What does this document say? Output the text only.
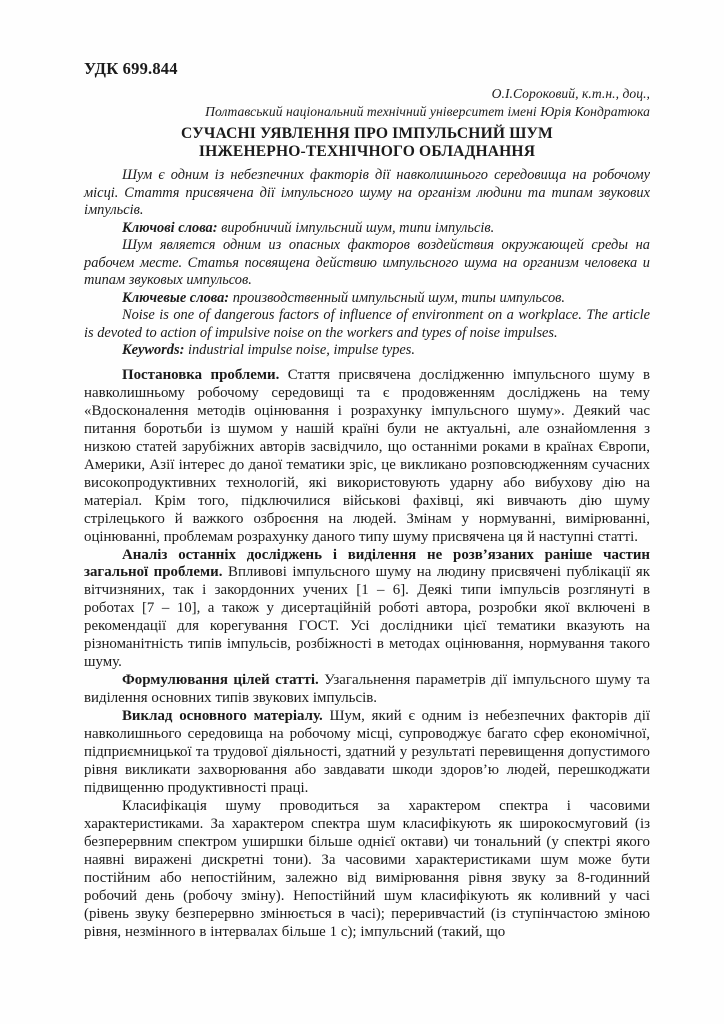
УДК 699.844
О.І.Сороковий, к.т.н., доц.,
Полтавський національний технічний університет імені Юрія Кондратюка
СУЧАСНІ УЯВЛЕННЯ ПРО ІМПУЛЬСНИЙ ШУМ
ІНЖЕНЕРНО-ТЕХНІЧНОГО ОБЛАДНАННЯ

Шум є одним із небезпечних факторів дії навколишнього середовища на робочому місці. Стаття присвячена дії імпульсного шуму на організм людини та типам звукових імпульсів.

Ключові слова: виробничий імпульсний шум, типи імпульсів.

Шум является одним из опасных факторов воздействия окружающей среды на рабочем месте. Статья посвящена действию импульсного шума на организм человека и типам звуковых импульсов.

Ключевые слова: производственный импульсный шум, типы импульсов.

Noise is one of dangerous factors of influence of environment on a workplace. The article is devoted to action of impulsive noise on the workers and types of noise impulses.

Keywords: industrial impulse noise, impulse types.

Постановка проблеми. Стаття присвячена дослідженню імпульсного шуму в навколишньому робочому середовищі та є продовженням досліджень на тему «Вдосконалення методів оцінювання і розрахунку імпульсного шуму». Деякий час питання боротьби із шумом у нашій країні були не актуальні, але ознайомлення з низкою статей зарубіжних авторів засвідчило, що останніми роками в країнах Європи, Америки, Азії інтерес до даної тематики зріс, це викликано розповсюдженням сучасних високопродуктивних технологій, які використовують ударну або вибухову дію на матеріал. Крім того, підключилися військові фахівці, які вивчають дію шуму стрілецького й важкого озброєння на людей. Змінам у нормуванні, вимірюванні, оцінюванні, проблемам розрахунку даного типу шуму присвячена ця й наступні статті.

Аналіз останніх досліджень і виділення не розв’язаних раніше частин загальної проблеми. Впливові імпульсного шуму на людину присвячені публікації як вітчизняних, так і закордонних учених [1 – 6]. Деякі типи імпульсів розглянуті в роботах [7 – 10], а також у дисертаційній роботі автора, розробки якої включені в рекомендації для корегування ГОСТ. Усі дослідники цієї тематики вказують на різноманітність типів імпульсів, розбіжності в методах оцінювання, нормування такого шуму.

Формулювання цілей статті. Узагальнення параметрів дії імпульсного шуму та виділення основних типів звукових імпульсів.

Виклад основного матеріалу. Шум, який є одним із небезпечних факторів дії навколишнього середовища на робочому місці, супроводжує багато сфер економічної, підприємницької та трудової діяльності, здатний у результаті перевищення допустимого рівня викликати захворювання або завдавати шкоди здоров’ю людей, перешкоджати підвищенню продуктивності праці.

Класифікація шуму проводиться за характером спектра і часовими характеристиками. За характером спектра шум класифікують як широкосмуговий (із безперервним спектром уширшки більше однієї октави) чи тональний (у спектрі якого наявні виражені дискретні тони). За часовими характеристиками шум може бути постійним або непостійним, залежно від вимірювання рівня звуку за 8-годинний робочий день (робочу зміну). Непостійний шум класифікують як коливний у часі (рівень звуку безперервно змінюється в часі); переривчастий (із ступінчастою зміною рівня, незмінного в інтервалах більше 1 с); імпульсний (такий, що
